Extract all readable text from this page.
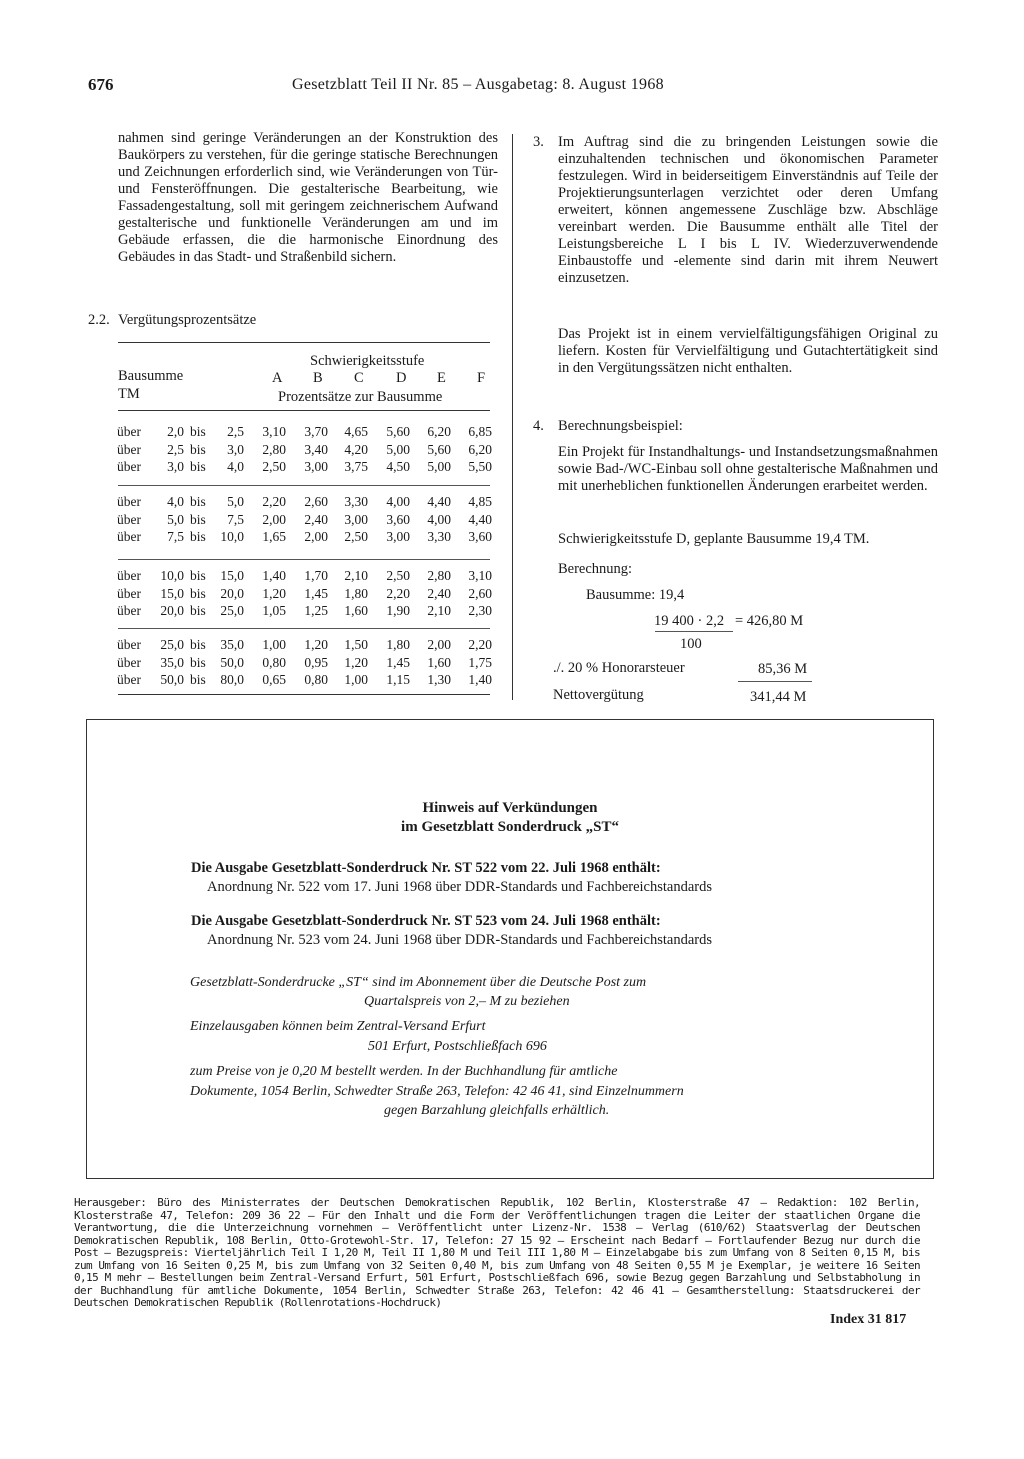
676	Gesetzblatt Teil II Nr. 85 – Ausgabetag: 8. August 1968
nahmen sind geringe Veränderungen an der Konstruktion des Baukörpers zu verstehen, für die geringe statische Berechnungen und Zeichnungen erforderlich sind, wie Veränderungen von Tür- und Fensteröffnungen. Die gestalterische Bearbeitung, wie Fassadengestaltung, soll mit geringem zeichnerischem Aufwand gestalterische und funktionelle Veränderungen am und im Gebäude erfassen, die die harmonische Einordnung des Gebäudes in das Stadt- und Straßenbild sichern.
2.2. Vergütungsprozentsätze
Schwierigkeitsstufe
Bausumme
TM
A B C D E F
Prozentsätze zur Bausumme
über	2,0 bis	2,5	3,10	3,70	4,65	5,60	6,20	6,85
über	2,5 bis	3,0	2,80	3,40	4,20	5,00	5,60	6,20
über	3,0 bis	4,0	2,50	3,00	3,75	4,50	5,00	5,50
über	4,0 bis	5,0	2,20	2,60	3,30	4,00	4,40	4,85
über	5,0 bis	7,5	2,00	2,40	3,00	3,60	4,00	4,40
über	7,5 bis	10,0	1,65	2,00	2,50	3,00	3,30	3,60
über	10,0 bis	15,0	1,40	1,70	2,10	2,50	2,80	3,10
über	15,0 bis	20,0	1,20	1,45	1,80	2,20	2,40	2,60
über	20,0 bis	25,0	1,05	1,25	1,60	1,90	2,10	2,30
über	25,0 bis	35,0	1,00	1,20	1,50	1,80	2,00	2,20
über	35,0 bis	50,0	0,80	0,95	1,20	1,45	1,60	1,75
über	50,0 bis	80,0	0,65	0,80	1,00	1,15	1,30	1,40
3. Im Auftrag sind die zu bringenden Leistungen sowie die einzuhaltenden technischen und ökonomischen Parameter festzulegen. Wird in beiderseitigem Einverständnis auf Teile der Projektierungsunterlagen verzichtet oder deren Umfang erweitert, können angemessene Zuschläge bzw. Abschläge vereinbart werden. Die Bausumme enthält alle Titel der Leistungsbereiche L I bis L IV. Wiederzuverwendende Einbaustoffe und -elemente sind darin mit ihrem Neuwert einzusetzen.
Das Projekt ist in einem vervielfältigungsfähigen Original zu liefern. Kosten für Vervielfältigung und Gutachtertätigkeit sind in den Vergütungssätzen nicht enthalten.
4. Berechnungsbeispiel:
Ein Projekt für Instandhaltungs- und Instandsetzungsmaßnahmen sowie Bad-/WC-Einbau soll ohne gestalterische Maßnahmen und mit unerheblichen funktionellen Änderungen erarbeitet werden.
Schwierigkeitsstufe D, geplante Bausumme 19,4 TM.
Berechnung:
Bausumme: 19,4
19 400 · 2,2 = 426,80 M
100
./. 20 % Honorarsteuer	85,36 M
Nettovergütung	341,44 M
Hinweis auf Verkündungen
im Gesetzblatt Sonderdruck „ST“
Die Ausgabe Gesetzblatt-Sonderdruck Nr. ST 522 vom 22. Juli 1968 enthält:
Anordnung Nr. 522 vom 17. Juni 1968 über DDR-Standards und Fachbereichstandards
Die Ausgabe Gesetzblatt-Sonderdruck Nr. ST 523 vom 24. Juli 1968 enthält:
Anordnung Nr. 523 vom 24. Juni 1968 über DDR-Standards und Fachbereichstandards
Gesetzblatt-Sonderdrucke „ST“ sind im Abonnement über die Deutsche Post zum
Quartalspreis von 2,– M zu beziehen
Einzelausgaben können beim Zentral-Versand Erfurt
501 Erfurt, Postschließfach 696
zum Preise von je 0,20 M bestellt werden. In der Buchhandlung für amtliche
Dokumente, 1054 Berlin, Schwedter Straße 263, Telefon: 42 46 41, sind Einzelnummern
gegen Barzahlung gleichfalls erhältlich.
Herausgeber: Büro des Ministerrates der Deutschen Demokratischen Republik, 102 Berlin, Klosterstraße 47 – Redaktion: 102 Berlin, Klosterstraße 47, Telefon: 209 36 22 – Für den Inhalt und die Form der Veröffentlichungen tragen die Leiter der staatlichen Organe die Verantwortung, die die Unterzeichnung vornehmen – Veröffentlicht unter Lizenz-Nr. 1538 – Verlag (610/62) Staatsverlag der Deutschen Demokratischen Republik, 108 Berlin, Otto-Grotewohl-Str. 17, Telefon: 27 15 92 – Erscheint nach Bedarf – Fortlaufender Bezug nur durch die Post – Bezugspreis: Vierteljährlich Teil I 1,20 M, Teil II 1,80 M und Teil III 1,80 M – Einzelabgabe bis zum Umfang von 8 Seiten 0,15 M, bis zum Umfang von 16 Seiten 0,25 M, bis zum Umfang von 32 Seiten 0,40 M, bis zum Umfang von 48 Seiten 0,55 M je Exemplar, je weitere 16 Seiten 0,15 M mehr – Bestellungen beim Zentral-Versand Erfurt, 501 Erfurt, Postschließfach 696, sowie Bezug gegen Barzahlung und Selbstabholung in der Buchhandlung für amtliche Dokumente, 1054 Berlin, Schwedter Straße 263, Telefon: 42 46 41 – Gesamtherstellung: Staatsdruckerei der Deutschen Demokratischen Republik (Rollenrotations-Hochdruck)
Index 31 817
